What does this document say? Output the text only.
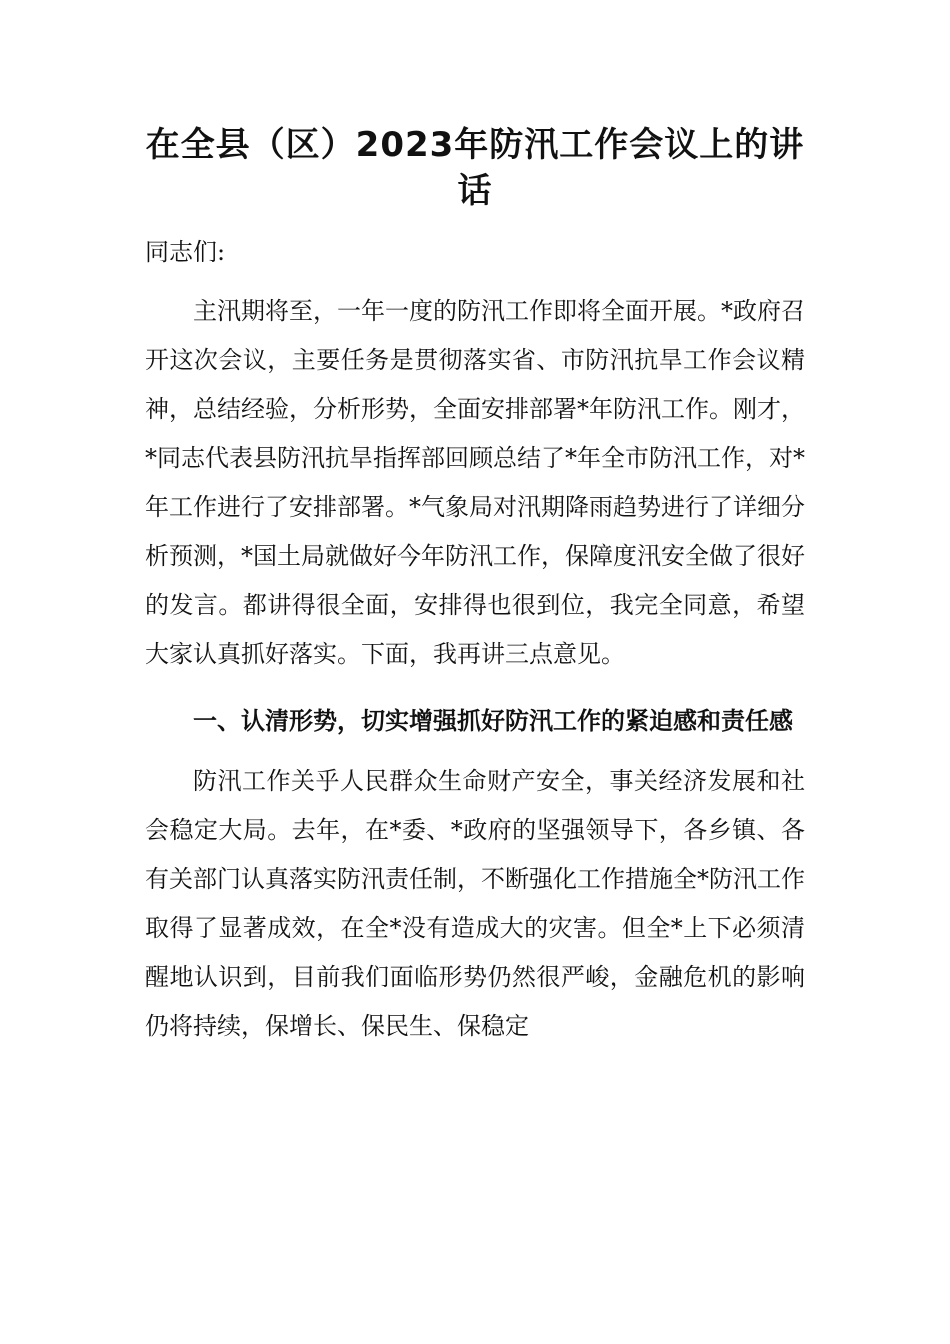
在全县（区）2023年防汛工作会议上的讲话

同志们:

主汛期将至，一年一度的防汛工作即将全面开展。*政府召开这次会议，主要任务是贯彻落实省、市防汛抗旱工作会议精神，总结经验，分析形势，全面安排部署*年防汛工作。刚才，*同志代表县防汛抗旱指挥部回顾总结了*年全市防汛工作，对*年工作进行了安排部署。*气象局对汛期降雨趋势进行了详细分析预测，*国土局就做好今年防汛工作，保障度汛安全做了很好的发言。都讲得很全面，安排得也很到位，我完全同意，希望大家认真抓好落实。下面，我再讲三点意见。

一、认清形势，切实增强抓好防汛工作的紧迫感和责任感

防汛工作关乎人民群众生命财产安全，事关经济发展和社会稳定大局。去年，在*委、*政府的坚强领导下，各乡镇、各有关部门认真落实防汛责任制，不断强化工作措施全*防汛工作取得了显著成效，在全*没有造成大的灾害。但全*上下必须清醒地认识到，目前我们面临形势仍然很严峻，金融危机的影响仍将持续，保增长、保民生、保稳定
